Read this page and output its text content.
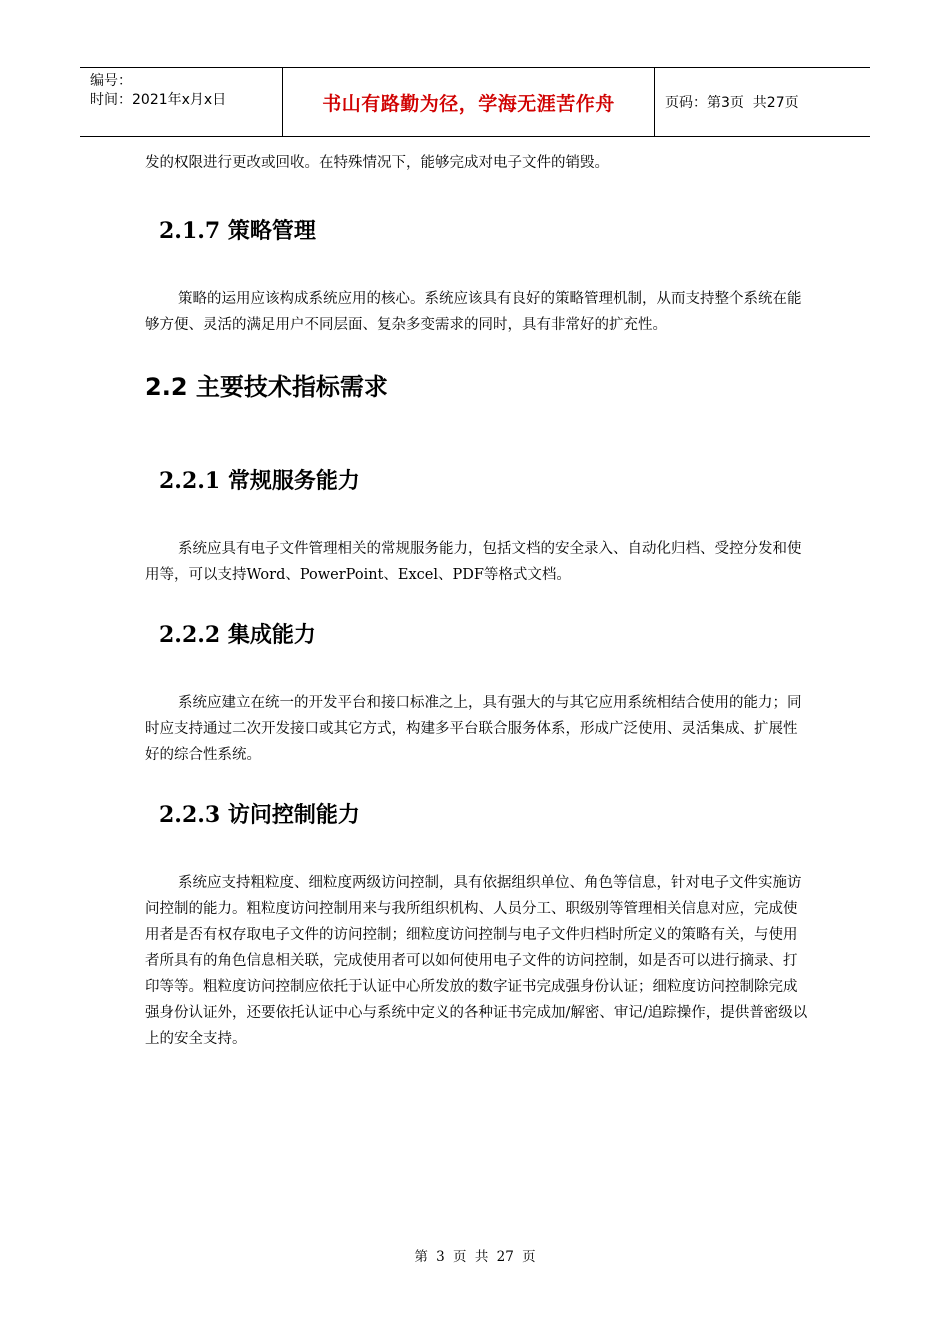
编号：
时间：2021年x月x日	书山有路勤为径，学海无涯苦作舟	页码：第3页  共27页

发的权限进行更改或回收。在特殊情况下，能够完成对电子文件的销毁。

2.1.7 策略管理

策略的运用应该构成系统应用的核心。系统应该具有良好的策略管理机制，从而支持整个系统在能够方便、灵活的满足用户不同层面、复杂多变需求的同时，具有非常好的扩充性。

2.2 主要技术指标需求
2.2.1 常规服务能力

系统应具有电子文件管理相关的常规服务能力，包括文档的安全录入、自动化归档、受控分发和使用等，可以支持Word、PowerPoint、Excel、PDF等格式文档。

2.2.2 集成能力

系统应建立在统一的开发平台和接口标准之上，具有强大的与其它应用系统相结合使用的能力；同时应支持通过二次开发接口或其它方式，构建多平台联合服务体系，形成广泛使用、灵活集成、扩展性好的综合性系统。

2.2.3 访问控制能力

系统应支持粗粒度、细粒度两级访问控制，具有依据组织单位、角色等信息，针对电子文件实施访问控制的能力。粗粒度访问控制用来与我所组织机构、人员分工、职级别等管理相关信息对应，完成使用者是否有权存取电子文件的访问控制；细粒度访问控制与电子文件归档时所定义的策略有关，与使用者所具有的角色信息相关联，完成使用者可以如何使用电子文件的访问控制，如是否可以进行摘录、打印等等。粗粒度访问控制应依托于认证中心所发放的数字证书完成强身份认证；细粒度访问控制除完成强身份认证外，还要依托认证中心与系统中定义的各种证书完成加/解密、审记/追踪操作，提供普密级以上的安全支持。

第 3 页 共 27 页
